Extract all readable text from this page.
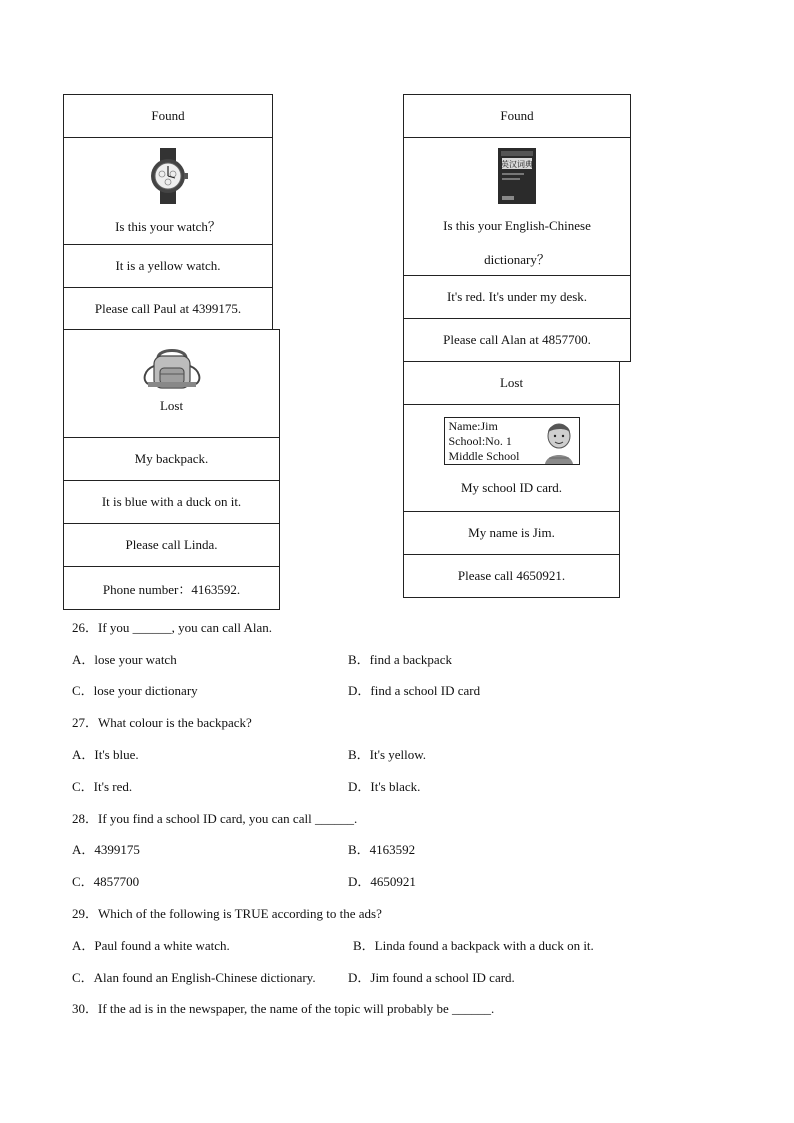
Found
Is this your watch？
It is a yellow watch.
Please call Paul at 4399175.
Found
英汉词典
Is this your English-Chinese
dictionary？
It's red. It's under my desk.
Please call Alan at 4857700.
Lost
My backpack.
It is blue with a duck on it.
Please call Linda.
Phone number：4163592.
Lost
Name:Jim
School:No. 1
Middle School
My school ID card.
My name is Jim.
Please call 4650921.
26．If you ______, you can call Alan.
A．lose your watch	B．find a backpack
C．lose your dictionary	D．find a school ID card
27．What colour is the backpack?
A．It's blue.	B．It's yellow.
C．It's red.	D．It's black.
28．If you find a school ID card, you can call ______.
A．4399175	B．4163592
C．4857700	D．4650921
29．Which of the following is TRUE according to the ads?
A．Paul found a white watch.	B．Linda found a backpack with a duck on it.
C．Alan found an English-Chinese dictionary. D．Jim found a school ID card.
30．If the ad is in the newspaper, the name of the topic will probably be ______.
